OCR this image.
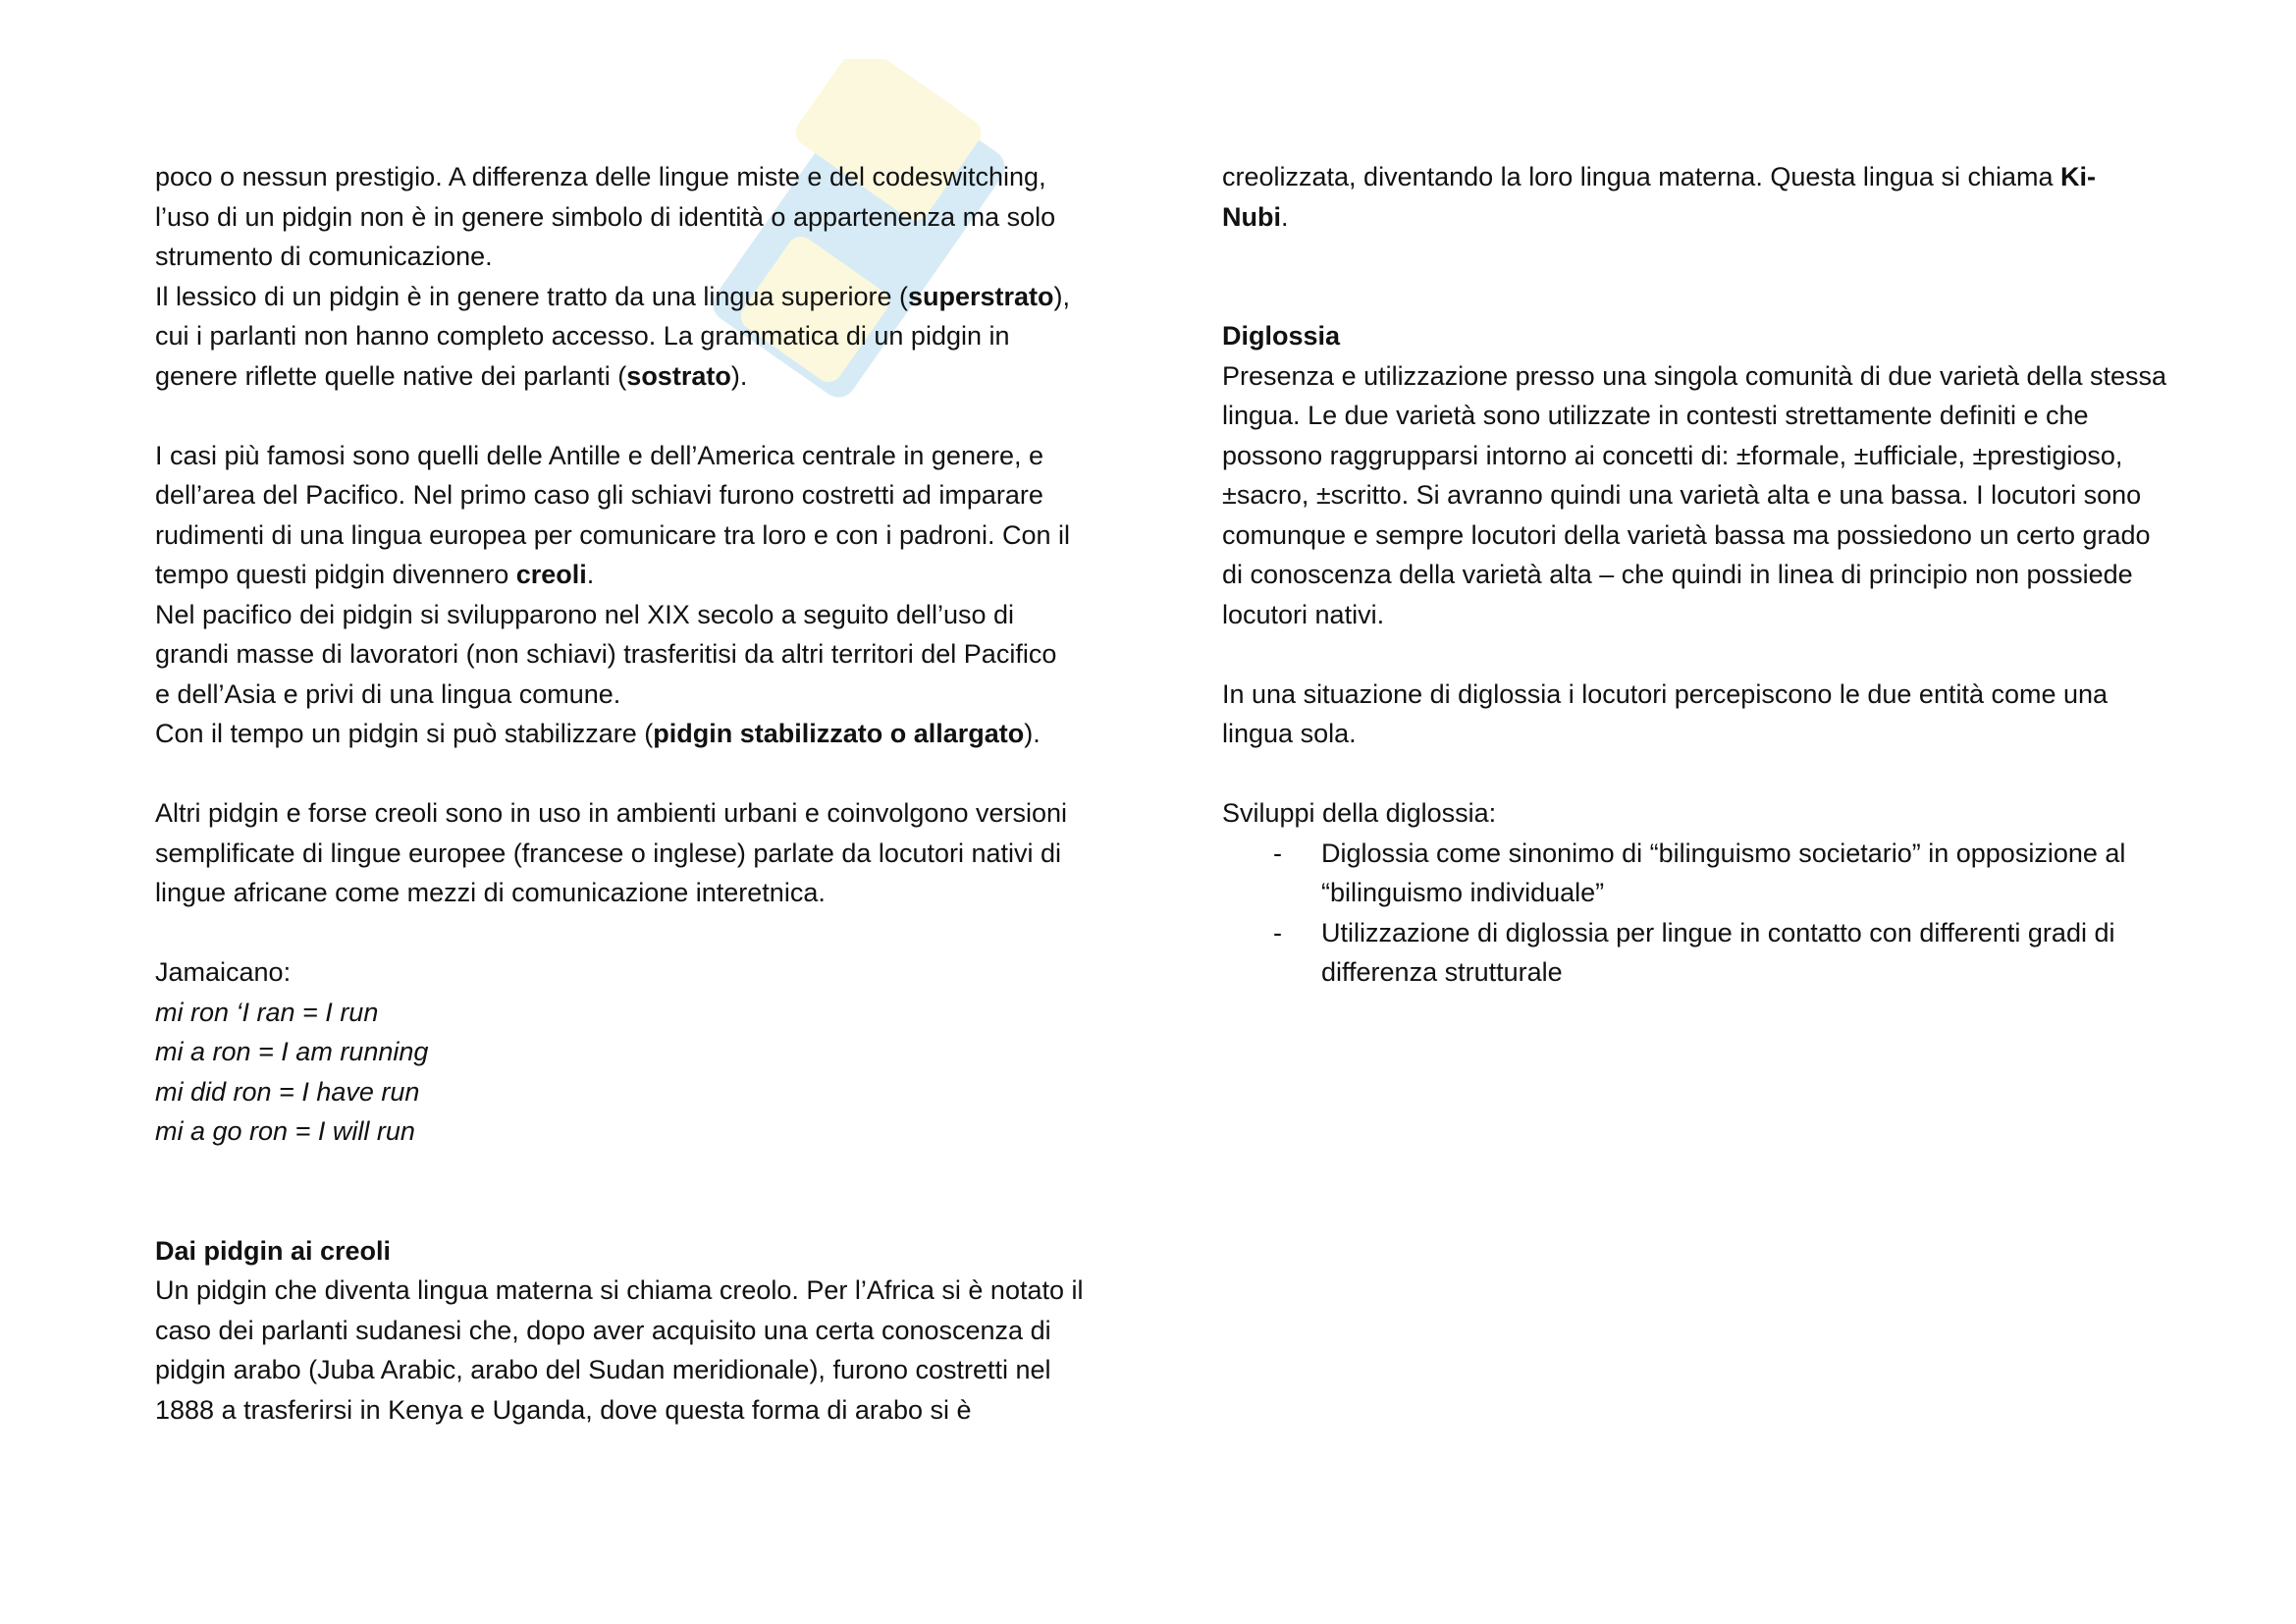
poco o nessun prestigio. A differenza delle lingue miste e del codeswitching,
l’uso di un pidgin non è in genere simbolo di identità o appartenenza ma solo
strumento di comunicazione.
Il lessico di un pidgin è in genere tratto da una lingua superiore (superstrato),
cui i parlanti non hanno completo accesso. La grammatica di un pidgin in
genere riflette quelle native dei parlanti (sostrato).
I casi più famosi sono quelli delle Antille e dell’America centrale in genere, e
dell’area del Pacifico. Nel primo caso gli schiavi furono costretti ad imparare
rudimenti di una lingua europea per comunicare tra loro e con i padroni. Con il
tempo questi pidgin divennero creoli.
Nel pacifico dei pidgin si svilupparono nel XIX secolo a seguito dell’uso di
grandi masse di lavoratori (non schiavi) trasferitisi da altri territori del Pacifico
e dell’Asia e privi di una lingua comune.
Con il tempo un pidgin si può stabilizzare (pidgin stabilizzato o allargato).
Altri pidgin e forse creoli sono in uso in ambienti urbani e coinvolgono versioni
semplificate di lingue europee (francese o inglese) parlate da locutori nativi di
lingue africane come mezzi di comunicazione interetnica.
Jamaicano:
mi ron ‘I ran = I run
mi a ron = I am running
mi did ron = I have run
mi a go ron = I will run
Dai pidgin ai creoli
Un pidgin che diventa lingua materna si chiama creolo. Per l’Africa si è notato il
caso dei parlanti sudanesi che, dopo aver acquisito una certa conoscenza di
pidgin arabo (Juba Arabic, arabo del Sudan meridionale), furono costretti nel
1888 a trasferirsi in Kenya e Uganda, dove questa forma di arabo si è
creolizzata, diventando la loro lingua materna. Questa lingua si chiama Ki-
Nubi.
Diglossia
Presenza e utilizzazione presso una singola comunità di due varietà della stessa
lingua. Le due varietà sono utilizzate in contesti strettamente definiti e che
possono raggrupparsi intorno ai concetti di: ±formale, ±ufficiale, ±prestigioso,
±sacro, ±scritto. Si avranno quindi una varietà alta e una bassa. I locutori sono
comunque e sempre locutori della varietà bassa ma possiedono un certo grado
di conoscenza della varietà alta – che quindi in linea di principio non possiede
locutori nativi.
In una situazione di diglossia i locutori percepiscono le due entità come una
lingua sola.
Sviluppi della diglossia:
- Diglossia come sinonimo di “bilinguismo societario” in opposizione al
“bilinguismo individuale”
- Utilizzazione di diglossia per lingue in contatto con differenti gradi di
differenza strutturale
